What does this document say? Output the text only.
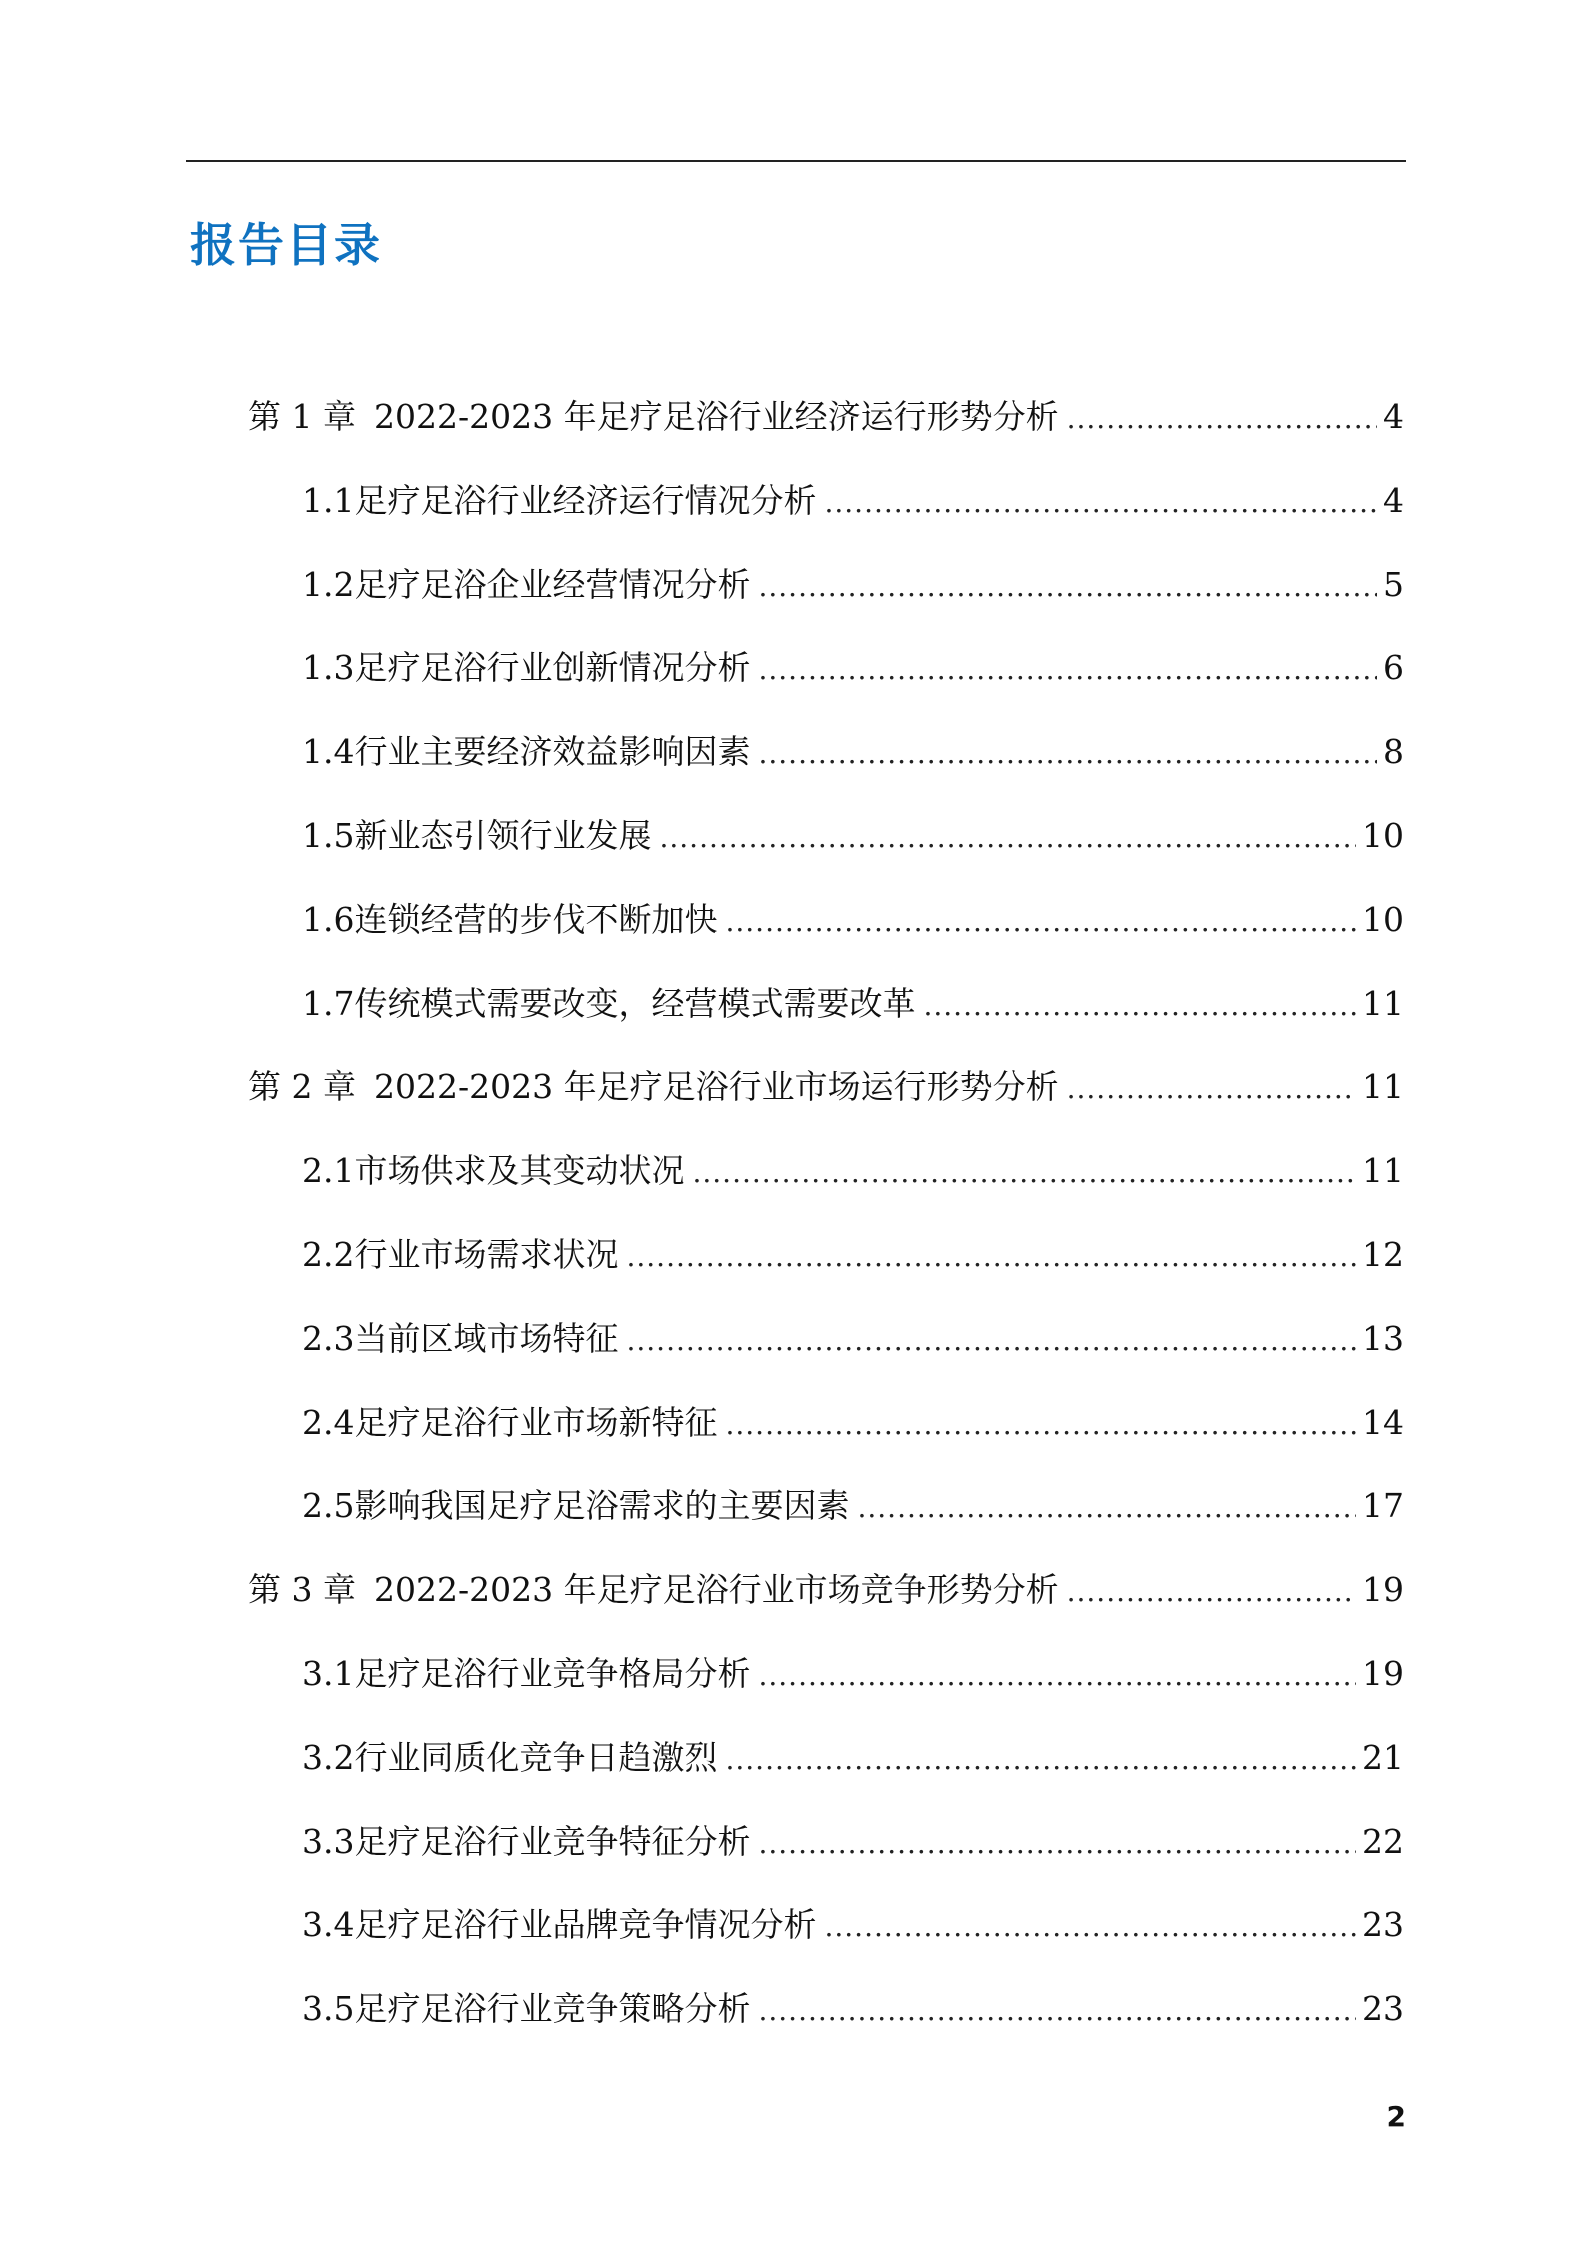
报告目录
第 1 章 2022-2023 年足疗足浴行业经济运行形势分析 .....	4
1.1 足疗足浴行业经济运行情况分析 .....	4
1.2 足疗足浴企业经营情况分析 .....	5
1.3 足疗足浴行业创新情况分析 .....	6
1.4 行业主要经济效益影响因素 .....	8
1.5 新业态引领行业发展 .....	10
1.6 连锁经营的步伐不断加快 .....	10
1.7 传统模式需要改变，经营模式需要改革 .....	11
第 2 章 2022-2023 年足疗足浴行业市场运行形势分析 .....	11
2.1 市场供求及其变动状况 .....	11
2.2 行业市场需求状况 .....	12
2.3 当前区域市场特征 .....	13
2.4 足疗足浴行业市场新特征 .....	14
2.5 影响我国足疗足浴需求的主要因素 .....	17
第 3 章 2022-2023 年足疗足浴行业市场竞争形势分析 .....	19
3.1 足疗足浴行业竞争格局分析 .....	19
3.2 行业同质化竞争日趋激烈 .....	21
3.3 足疗足浴行业竞争特征分析 .....	22
3.4 足疗足浴行业品牌竞争情况分析 .....	23
3.5 足疗足浴行业竞争策略分析 .....	23
2
